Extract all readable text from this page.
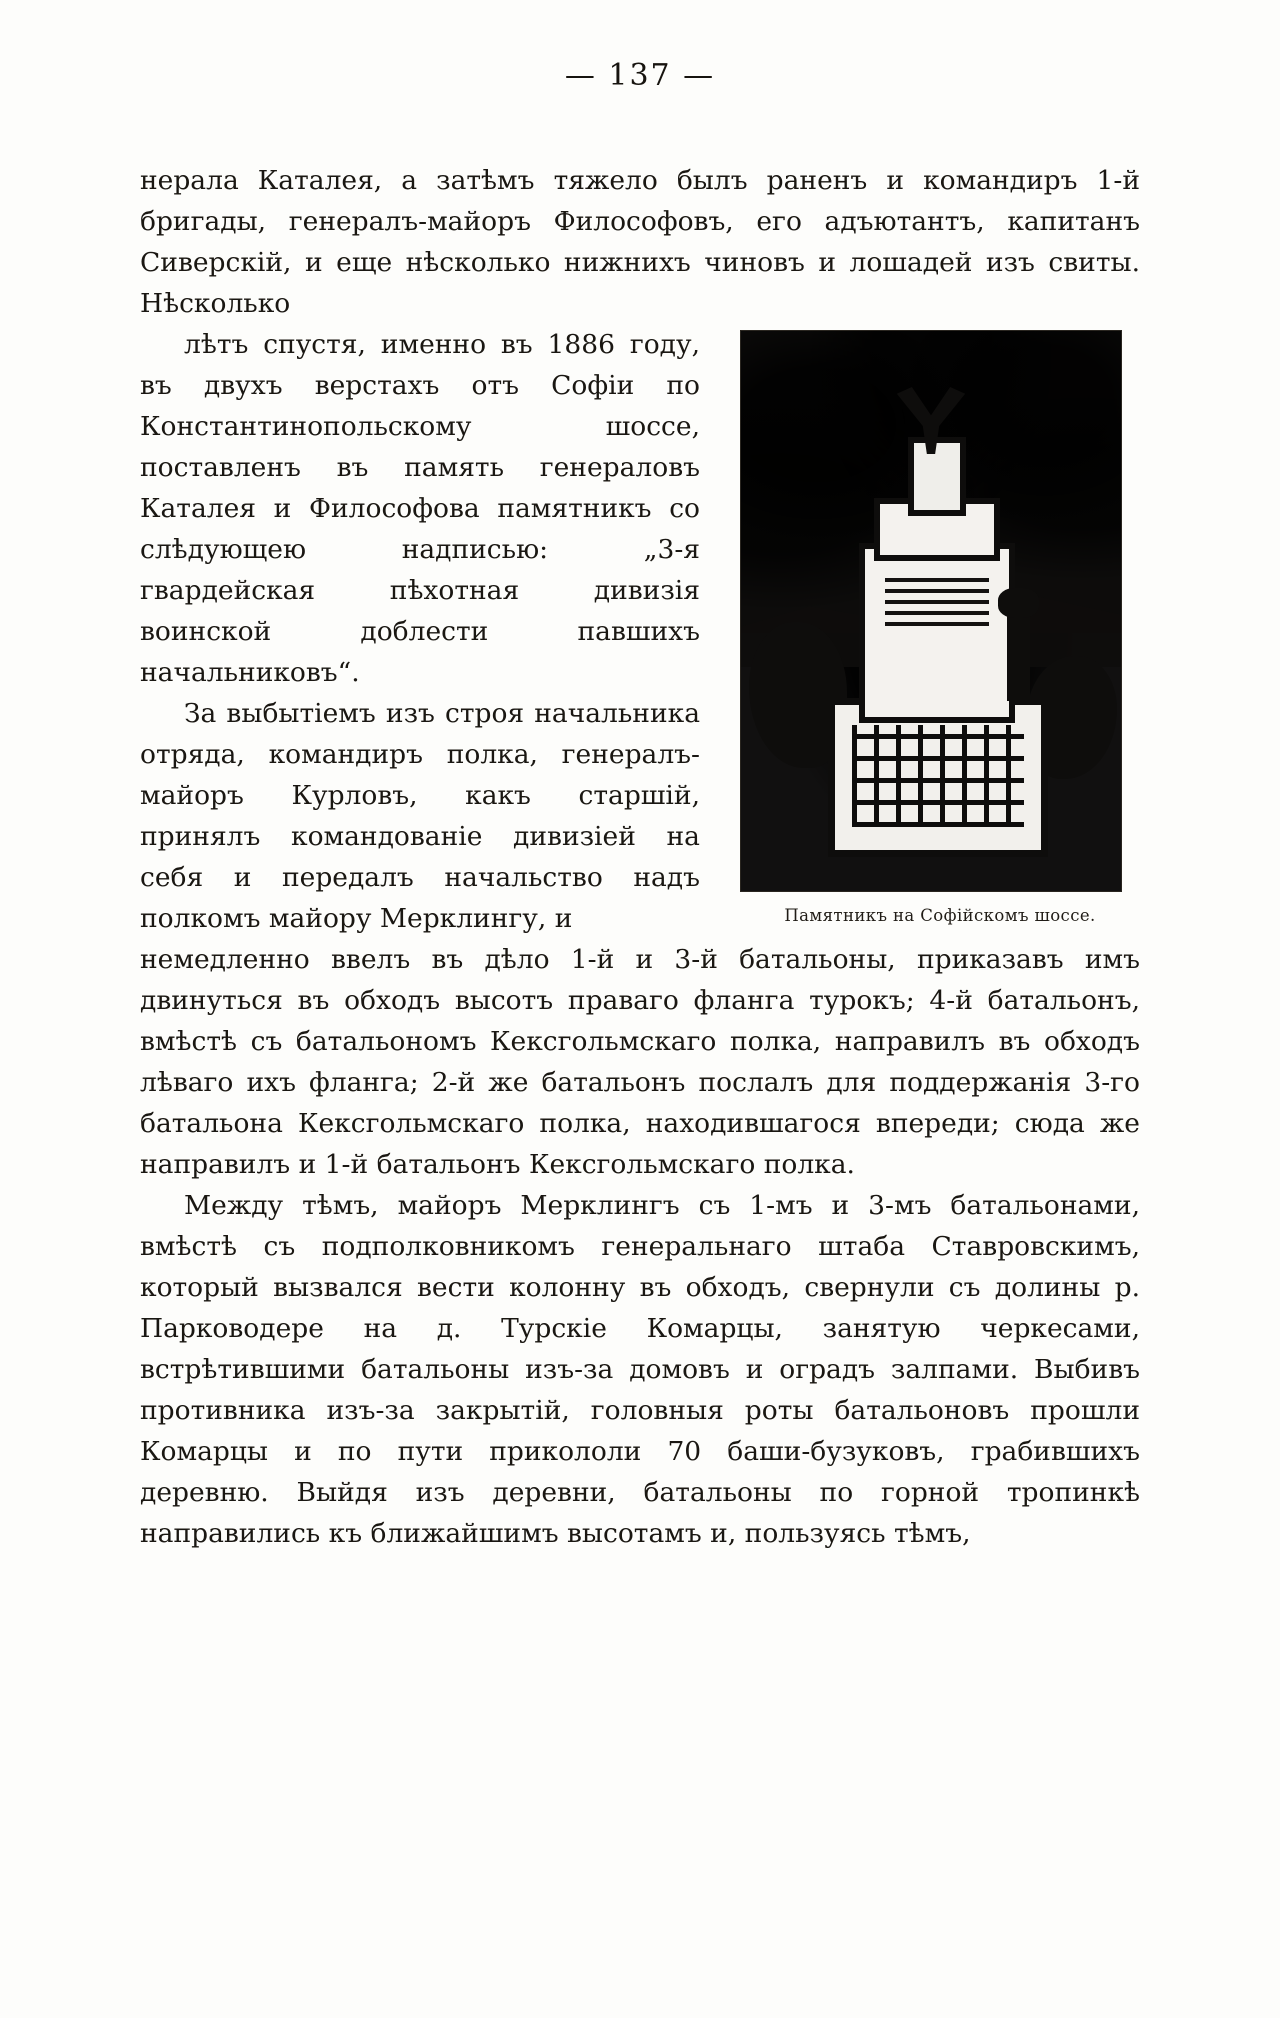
— 137 —

нерала Каталея, а затѣмъ тяжело былъ раненъ и командиръ 1-й бригады, генералъ-майоръ Философовъ, его адъютантъ, капитанъ Сиверскій, и еще нѣсколько нижнихъ чиновъ и лошадей изъ свиты. Нѣсколько

Памятникъ на Софійскомъ шоссе.

лѣтъ спустя, именно въ 1886 году, въ двухъ верстахъ отъ Софіи по Константинопольскому шоссе, поставленъ въ память генераловъ Каталея и Философова памятникъ со слѣдующею надписью: „3-я гвардейская пѣхотная дивизія воинской доблести павшихъ начальниковъ“.

За выбытіемъ изъ строя начальника отряда, командиръ полка, генералъ-майоръ Курловъ, какъ старшій, принялъ командованіе дивизіей на себя и передалъ начальство надъ полкомъ майору Мерклингу, и

немедленно ввелъ въ дѣло 1-й и 3-й батальоны, приказавъ имъ двинуться въ обходъ высотъ праваго фланга турокъ; 4-й батальонъ, вмѣстѣ съ батальономъ Кексгольмскаго полка, направилъ въ обходъ лѣваго ихъ фланга; 2-й же батальонъ послалъ для поддержанія 3-го батальона Кексгольмскаго полка, находившагося впереди; сюда же направилъ и 1-й батальонъ Кексгольмскаго полка.

Между тѣмъ, майоръ Мерклингъ съ 1-мъ и 3-мъ батальонами, вмѣстѣ съ подполковникомъ генеральнаго штаба Ставровскимъ, который вызвался вести колонну въ обходъ, свернули съ долины р. Парководере на д. Турскіе Комарцы, занятую черкесами, встрѣтившими батальоны изъ-за домовъ и оградъ залпами. Выбивъ противника изъ-за закрытій, головныя роты батальоновъ прошли Комарцы и по пути прикололи 70 баши-бузуковъ, грабившихъ деревню. Выйдя изъ деревни, батальоны по горной тропинкѣ направились къ ближайшимъ высотамъ и, пользуясь тѣмъ,
